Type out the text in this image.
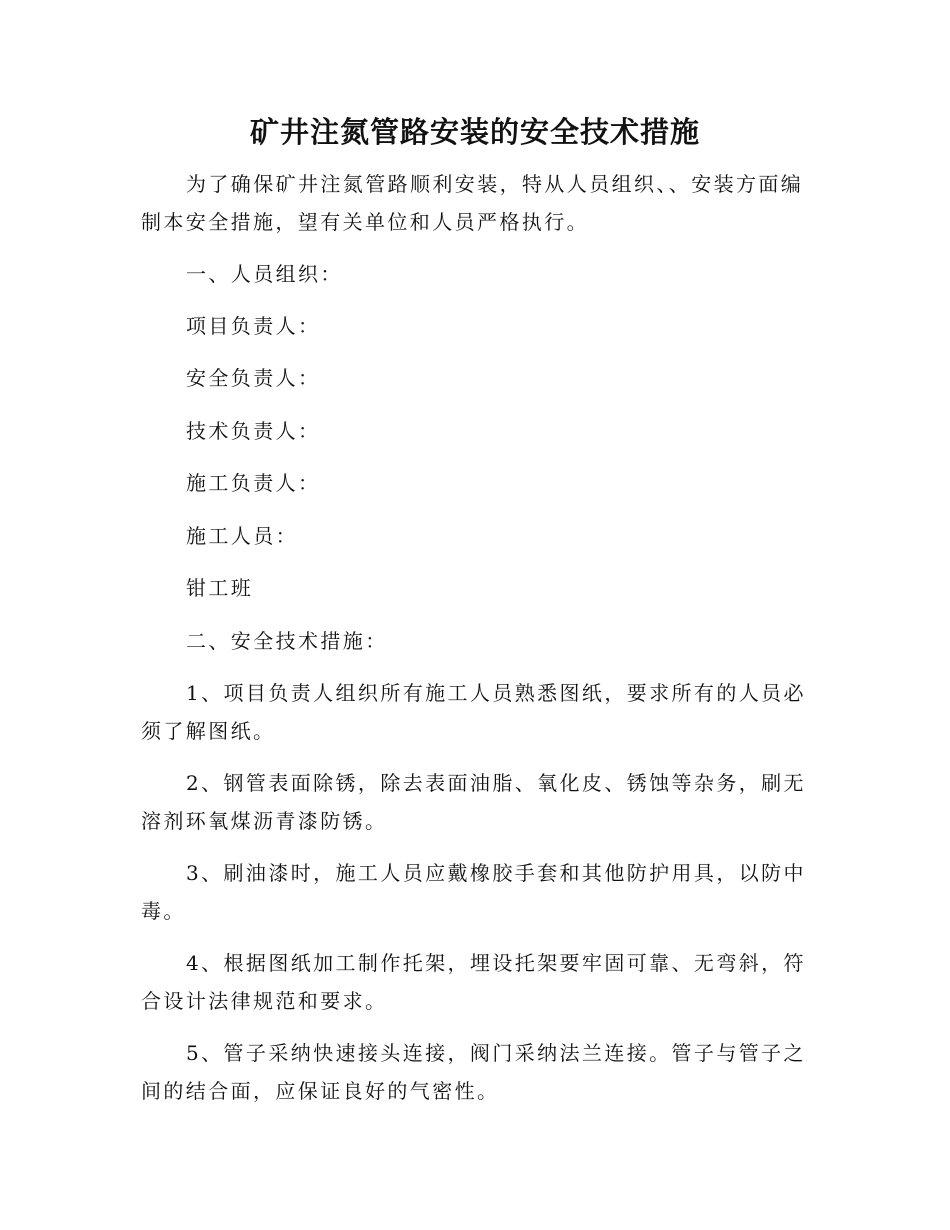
矿井注氮管路安装的安全技术措施

为了确保矿井注氮管路顺利安装，特从人员组织、、安装方面编制本安全措施，望有关单位和人员严格执行。

一、人员组织：

项目负责人：

安全负责人：

技术负责人：

施工负责人：

施工人员：

钳工班

二、安全技术措施：

1、项目负责人组织所有施工人员熟悉图纸，要求所有的人员必须了解图纸。

2、钢管表面除锈，除去表面油脂、氧化皮、锈蚀等杂务，刷无溶剂环氧煤沥青漆防锈。

3、刷油漆时，施工人员应戴橡胶手套和其他防护用具，以防中毒。

4、根据图纸加工制作托架，埋设托架要牢固可靠、无弯斜，符合设计法律规范和要求。

5、管子采纳快速接头连接，阀门采纳法兰连接。管子与管子之间的结合面，应保证良好的气密性。
